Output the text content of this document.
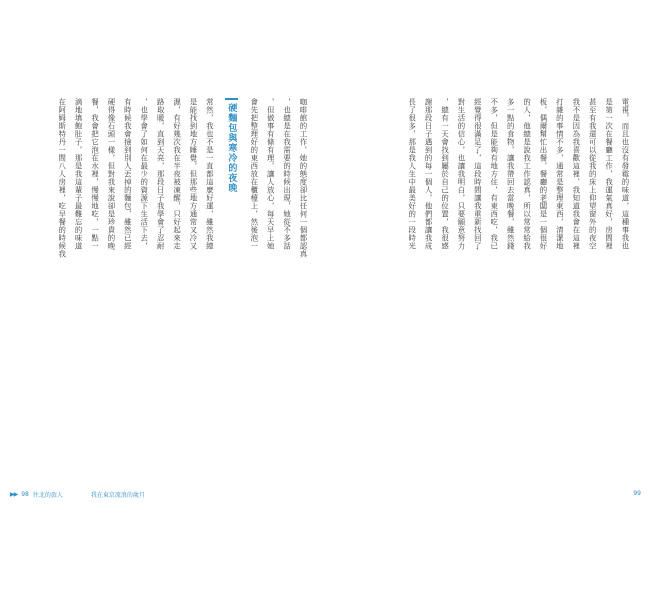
咖啡館的工作，她的態度卻比任何一個都認真
，也總是在我需要的時候出現，她從不多話
，但做事有條有理，讓人放心，每天早上她
會先把整理好的東西放在櫃檯上，然後泡一
硬麵包與寒冷的夜晚
常然，我也不是一直都這麼好運，雖然我總
是能找到地方睡覺，但那些地方通常又冷又
濕，有好幾次我在半夜被凍醒，只好起來走
路取暖，直到天亮，那段日子我學會了忍耐
，也學會了如何在最少的資源下生活下去，
有時候我會撿到別人丟掉的麵包，雖然已經
硬得像石頭一樣，但對我來說卻是珍貴的晚
餐，我會把它泡在水裡，慢慢地吃，一點一
滴地填飽肚子，那是我這輩子最難忘的味道
在阿姆斯特丹一間八人房裡，吃早餐的時候我
▶▶ 98 往北的旅人	我在東京流浪的歲月
電視，而且也沒有發霉的味道，這種事我也
是第一次在餐廳工作，我運氣真好，房間裡
甚至有我還可以從我的床上仰望窗外的夜空
我不是因為我喜歡這裡，我知道我會在這裡
打雜的事情不多，通常是整理東西，清潔地
板，偶爾幫忙出餐，餐廳的老闆是一個很好
的人，他總是說我工作認真，所以常常給我
多一點的食物，讓我帶回去當晚餐，雖然錢
不多，但是能夠有地方住，有東西吃，我已
經覺得很滿足了，這段時間讓我重新找回了
對生活的信心，也讓我明白，只要願意努力
，總有一天會找到屬於自己的位置，我很感
謝那段日子遇到的每一個人，他們都讓我成
長了很多，那是我人生中最美好的一段時光
99
